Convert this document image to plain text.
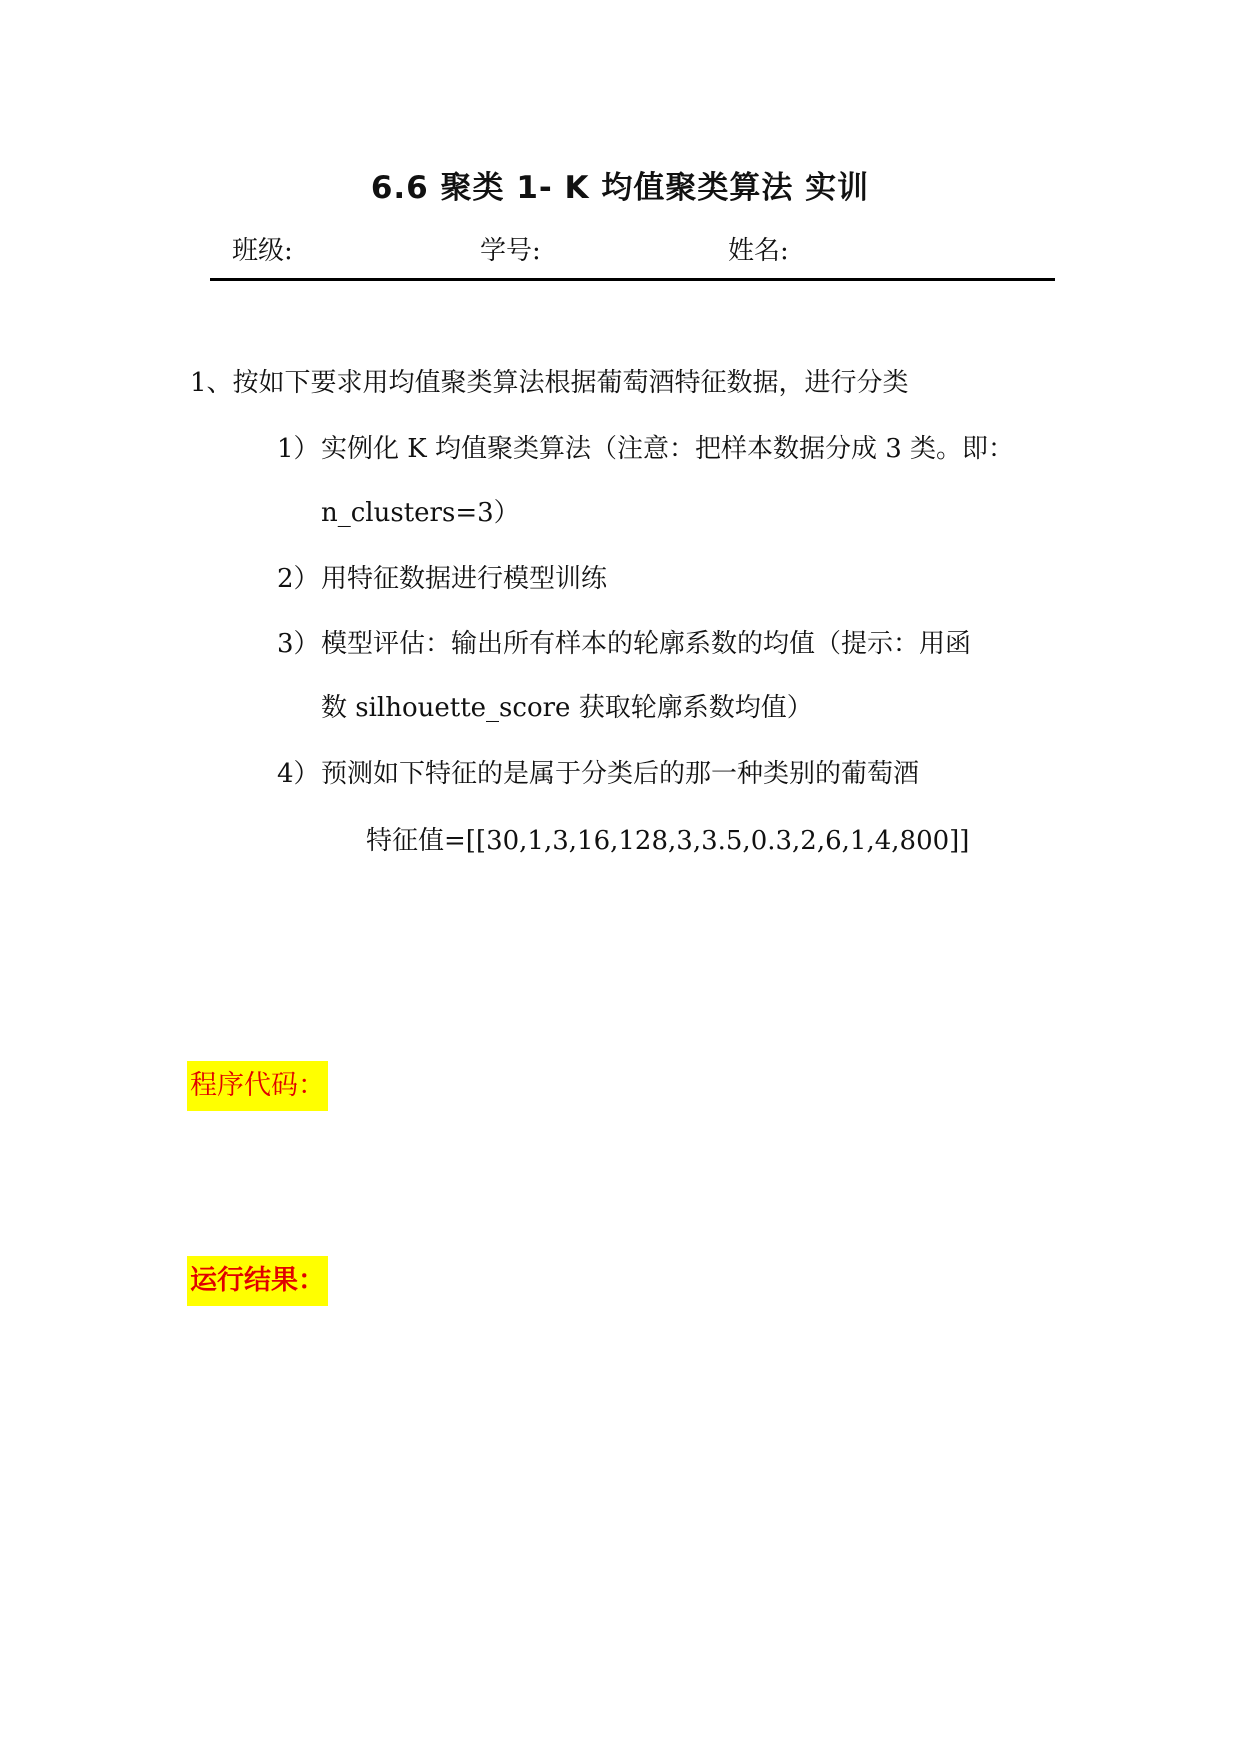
6.6 聚类 1- K 均值聚类算法 实训
班级:	学号:	姓名:
1、按如下要求用均值聚类算法根据葡萄酒特征数据，进行分类
1）实例化 K 均值聚类算法（注意：把样本数据分成 3 类。即：
n_clusters=3）
2）用特征数据进行模型训练
3）模型评估：输出所有样本的轮廓系数的均值（提示：用函
数 silhouette_score 获取轮廓系数均值）
4）预测如下特征的是属于分类后的那一种类别的葡萄酒
特征值=[[30,1,3,16,128,3,3.5,0.3,2,6,1,4,800]]
程序代码：
运行结果：
